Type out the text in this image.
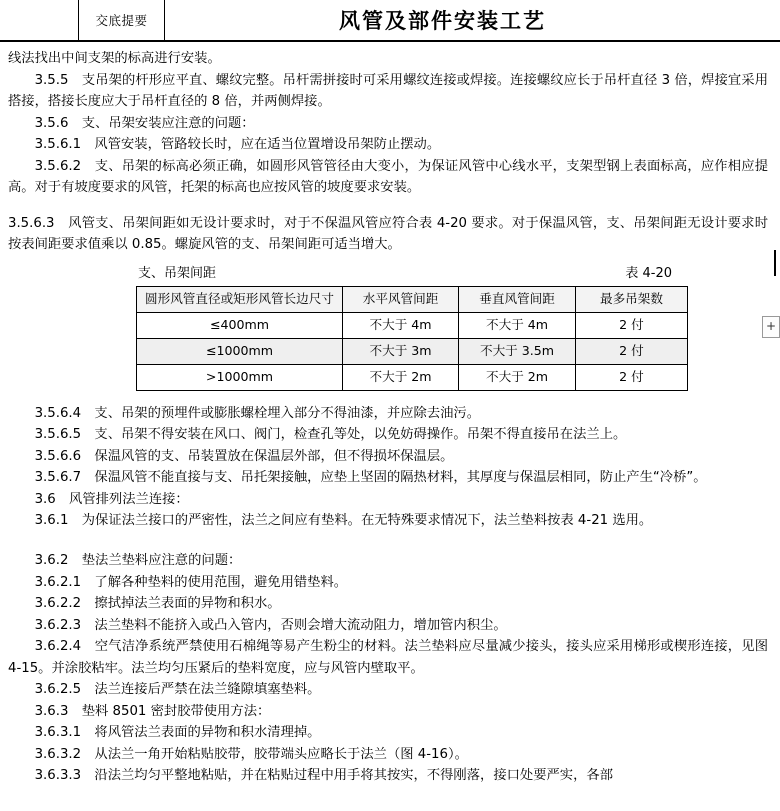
交底提要	风管及部件安装工艺

线法找出中间支架的标高进行安装。

3.5.5　支吊架的杆形应平直、螺纹完整。吊杆需拼接时可采用螺纹连接或焊接。连接螺纹应长于吊杆直径 3 倍，焊接宜采用搭接，搭接长度应大于吊杆直径的 8 倍，并两侧焊接。

3.5.6　支、吊架安装应注意的问题：

3.5.6.1　风管安装，管路较长时，应在适当位置增设吊架防止摆动。

3.5.6.2　支、吊架的标高必须正确，如圆形风管管径由大变小，为保证风管中心线水平，支架型钢上表面标高，应作相应提高。对于有坡度要求的风管，托架的标高也应按风管的坡度要求安装。

3.5.6.3　风管支、吊架间距如无设计要求时，对于不保温风管应符合表 4-20 要求。对于保温风管，支、吊架间距无设计要求时按表间距要求值乘以 0.85。螺旋风管的支、吊架间距可适当增大。

支、吊架间距	表 4-20
圆形风管直径或矩形风管长边尺寸	水平风管间距	垂直风管间距	最多吊架数
≤400mm	不大于 4m	不大于 4m	2 付
≤1000mm	不大于 3m	不大于 3.5m	2 付
>1000mm	不大于 2m	不大于 2m	2 付

3.5.6.4　支、吊架的预埋件或膨胀螺栓埋入部分不得油漆，并应除去油污。

3.5.6.5　支、吊架不得安装在风口、阀门，检查孔等处，以免妨碍操作。吊架不得直接吊在法兰上。

3.5.6.6　保温风管的支、吊装置放在保温层外部，但不得损坏保温层。

3.5.6.7　保温风管不能直接与支、吊托架接触，应垫上坚固的隔热材料，其厚度与保温层相同，防止产生“冷桥”。

3.6　风管排列法兰连接：

3.6.1　为保证法兰接口的严密性，法兰之间应有垫料。在无特殊要求情况下，法兰垫料按表 4-21 选用。

3.6.2　垫法兰垫料应注意的问题：

3.6.2.1　了解各种垫料的使用范围，避免用错垫料。

3.6.2.2　擦拭掉法兰表面的异物和积水。

3.6.2.3　法兰垫料不能挤入或凸入管内，否则会增大流动阻力，增加管内积尘。

3.6.2.4　空气洁净系统严禁使用石棉绳等易产生粉尘的材料。法兰垫料应尽量减少接头，接头应采用梯形或楔形连接，见图 4-15。并涂胶粘牢。法兰均匀压紧后的垫料宽度，应与风管内壁取平。

3.6.2.5　法兰连接后严禁在法兰缝隙填塞垫料。

3.6.3　垫料 8501 密封胶带使用方法：

3.6.3.1　将风管法兰表面的异物和积水清理掉。

3.6.3.2　从法兰一角开始粘贴胶带，胶带端头应略长于法兰（图 4-16）。

3.6.3.3　沿法兰均匀平整地粘贴，并在粘贴过程中用手将其按实，不得刚落，接口处要严实，各部

+
